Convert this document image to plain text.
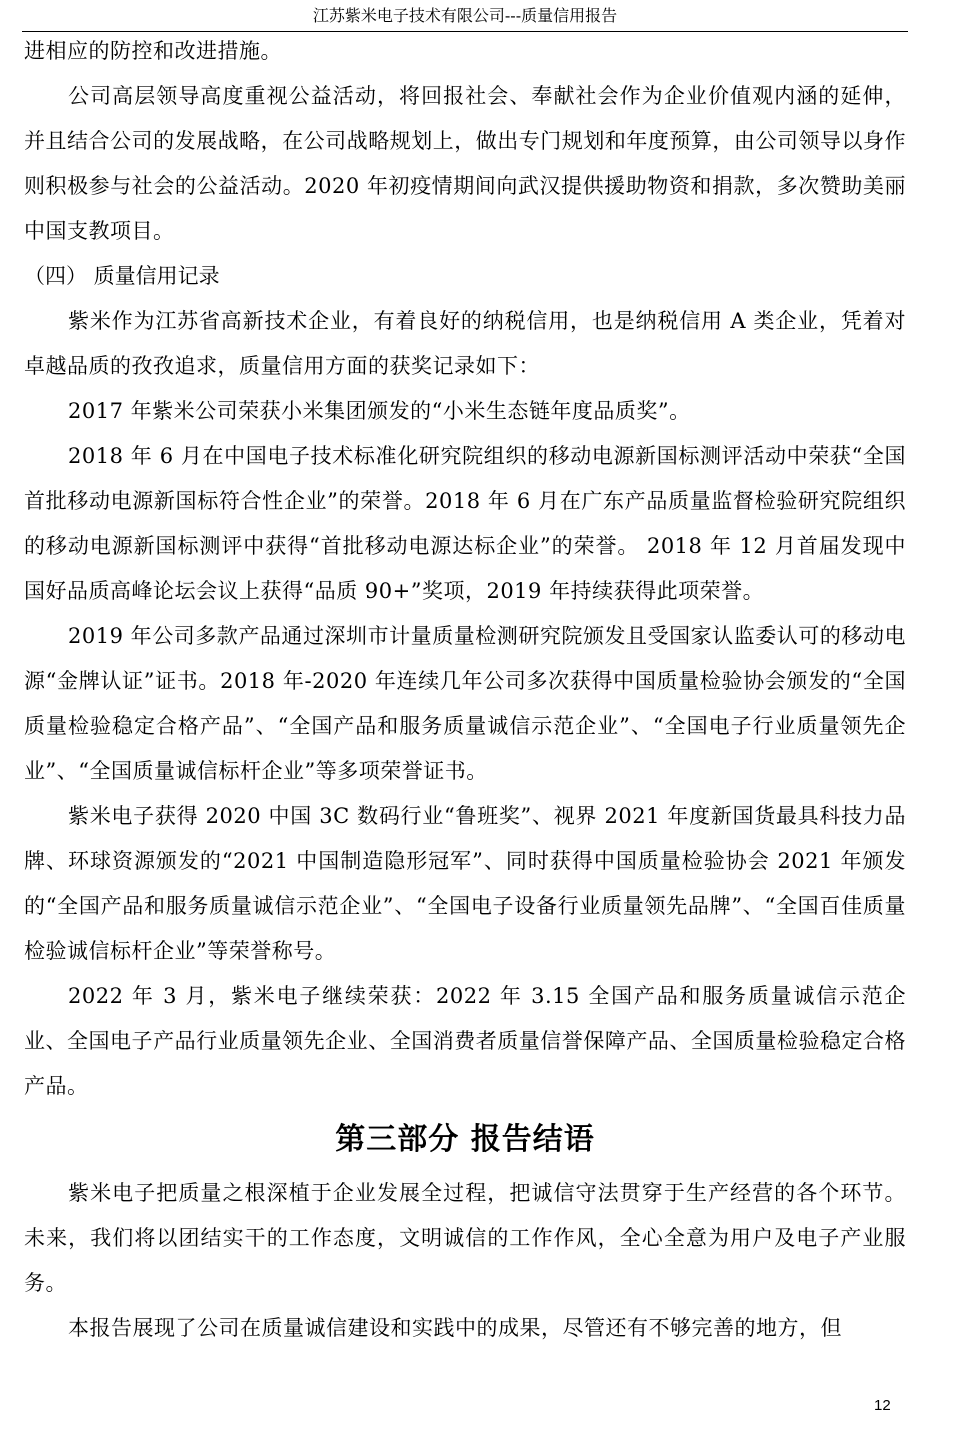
江苏紫米电子技术有限公司---质量信用报告

进相应的防控和改进措施。

公司高层领导高度重视公益活动，将回报社会、奉献社会作为企业价值观内涵的延伸，并且结合公司的发展战略，在公司战略规划上，做出专门规划和年度预算，由公司领导以身作则积极参与社会的公益活动。2020 年初疫情期间向武汉提供援助物资和捐款，多次赞助美丽中国支教项目。

（四） 质量信用记录

紫米作为江苏省高新技术企业，有着良好的纳税信用，也是纳税信用 A 类企业，凭着对卓越品质的孜孜追求，质量信用方面的获奖记录如下：

2017 年紫米公司荣获小米集团颁发的“小米生态链年度品质奖”。

2018 年 6 月在中国电子技术标准化研究院组织的移动电源新国标测评活动中荣获“全国首批移动电源新国标符合性企业”的荣誉。2018 年 6 月在广东产品质量监督检验研究院组织的移动电源新国标测评中获得“首批移动电源达标企业”的荣誉。 2018 年 12 月首届发现中国好品质高峰论坛会议上获得“品质 90+”奖项，2019 年持续获得此项荣誉。

2019 年公司多款产品通过深圳市计量质量检测研究院颁发且受国家认监委认可的移动电源“金牌认证”证书。2018 年-2020 年连续几年公司多次获得中国质量检验协会颁发的“全国质量检验稳定合格产品”、“全国产品和服务质量诚信示范企业”、“全国电子行业质量领先企业”、“全国质量诚信标杆企业”等多项荣誉证书。

紫米电子获得 2020 中国 3C 数码行业“鲁班奖”、视界 2021 年度新国货最具科技力品牌、环球资源颁发的“2021 中国制造隐形冠军”、同时获得中国质量检验协会 2021 年颁发的“全国产品和服务质量诚信示范企业”、“全国电子设备行业质量领先品牌”、“全国百佳质量检验诚信标杆企业”等荣誉称号。

2022 年 3 月，紫米电子继续荣获：2022 年 3.15 全国产品和服务质量诚信示范企业、全国电子产品行业质量领先企业、全国消费者质量信誉保障产品、全国质量检验稳定合格产品。

第三部分 报告结语

紫米电子把质量之根深植于企业发展全过程，把诚信守法贯穿于生产经营的各个环节。未来，我们将以团结实干的工作态度，文明诚信的工作作风，全心全意为用户及电子产业服务。

本报告展现了公司在质量诚信建设和实践中的成果，尽管还有不够完善的地方，但

12
